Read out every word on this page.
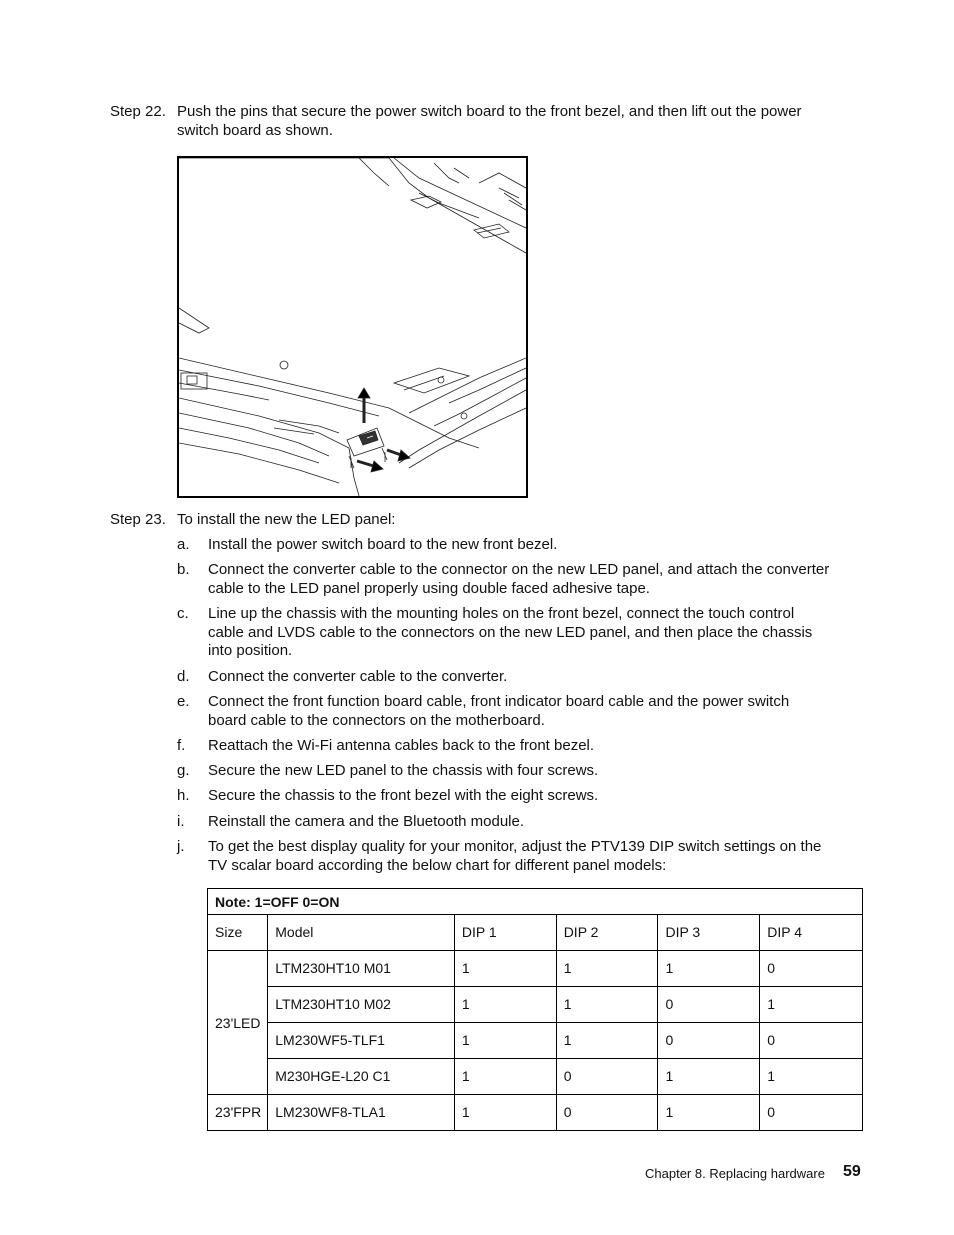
Step 22. Push the pins that secure the power switch board to the front bezel, and then lift out the power
switch board as shown.
Step 23. To install the new the LED panel:
a. Install the power switch board to the new front bezel.
b. Connect the converter cable to the connector on the new LED panel, and attach the converter
cable to the LED panel properly using double faced adhesive tape.
c. Line up the chassis with the mounting holes on the front bezel, connect the touch control
cable and LVDS cable to the connectors on the new LED panel, and then place the chassis
into position.
d. Connect the converter cable to the converter.
e. Connect the front function board cable, front indicator board cable and the power switch
board cable to the connectors on the motherboard.
f. Reattach the Wi-Fi antenna cables back to the front bezel.
g. Secure the new LED panel to the chassis with four screws.
h. Secure the chassis to the front bezel with the eight screws.
i. Reinstall the camera and the Bluetooth module.
j. To get the best display quality for your monitor, adjust the PTV139 DIP switch settings on the
TV scalar board according the below chart for different panel models:
Note: 1=OFF 0=ON					
Size	Model	DIP 1	DIP 2	DIP 3	DIP 4
23'LED	LTM230HT10 M01	1	1	1	0
	LTM230HT10 M02	1	1	0	1
	LM230WF5-TLF1	1	1	0	0
	M230HGE-L20 C1	1	0	1	1
23'FPR	LM230WF8-TLA1	1	0	1	0
Chapter 8. Replacing hardware 59
